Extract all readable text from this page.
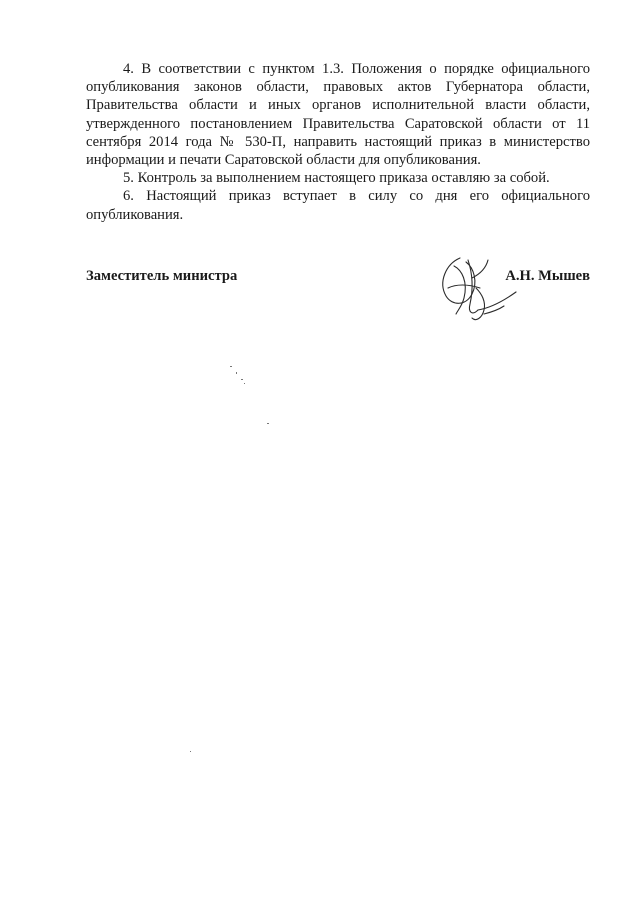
4. В соответствии с пунктом 1.3. Положения о порядке официального опубликования законов области, правовых актов Губернатора области, Правительства области и иных органов исполнительной власти области, утвержденного постановлением Правительства Саратовской области от 11 сентября 2014 года № 530-П, направить настоящий приказ в министерство информации и печати Саратовской области для опубликования.

5. Контроль за выполнением настоящего приказа оставляю за собой.

6. Настоящий приказ вступает в силу со дня его официального опубликования.

Заместитель министра	А.Н. Мышев
